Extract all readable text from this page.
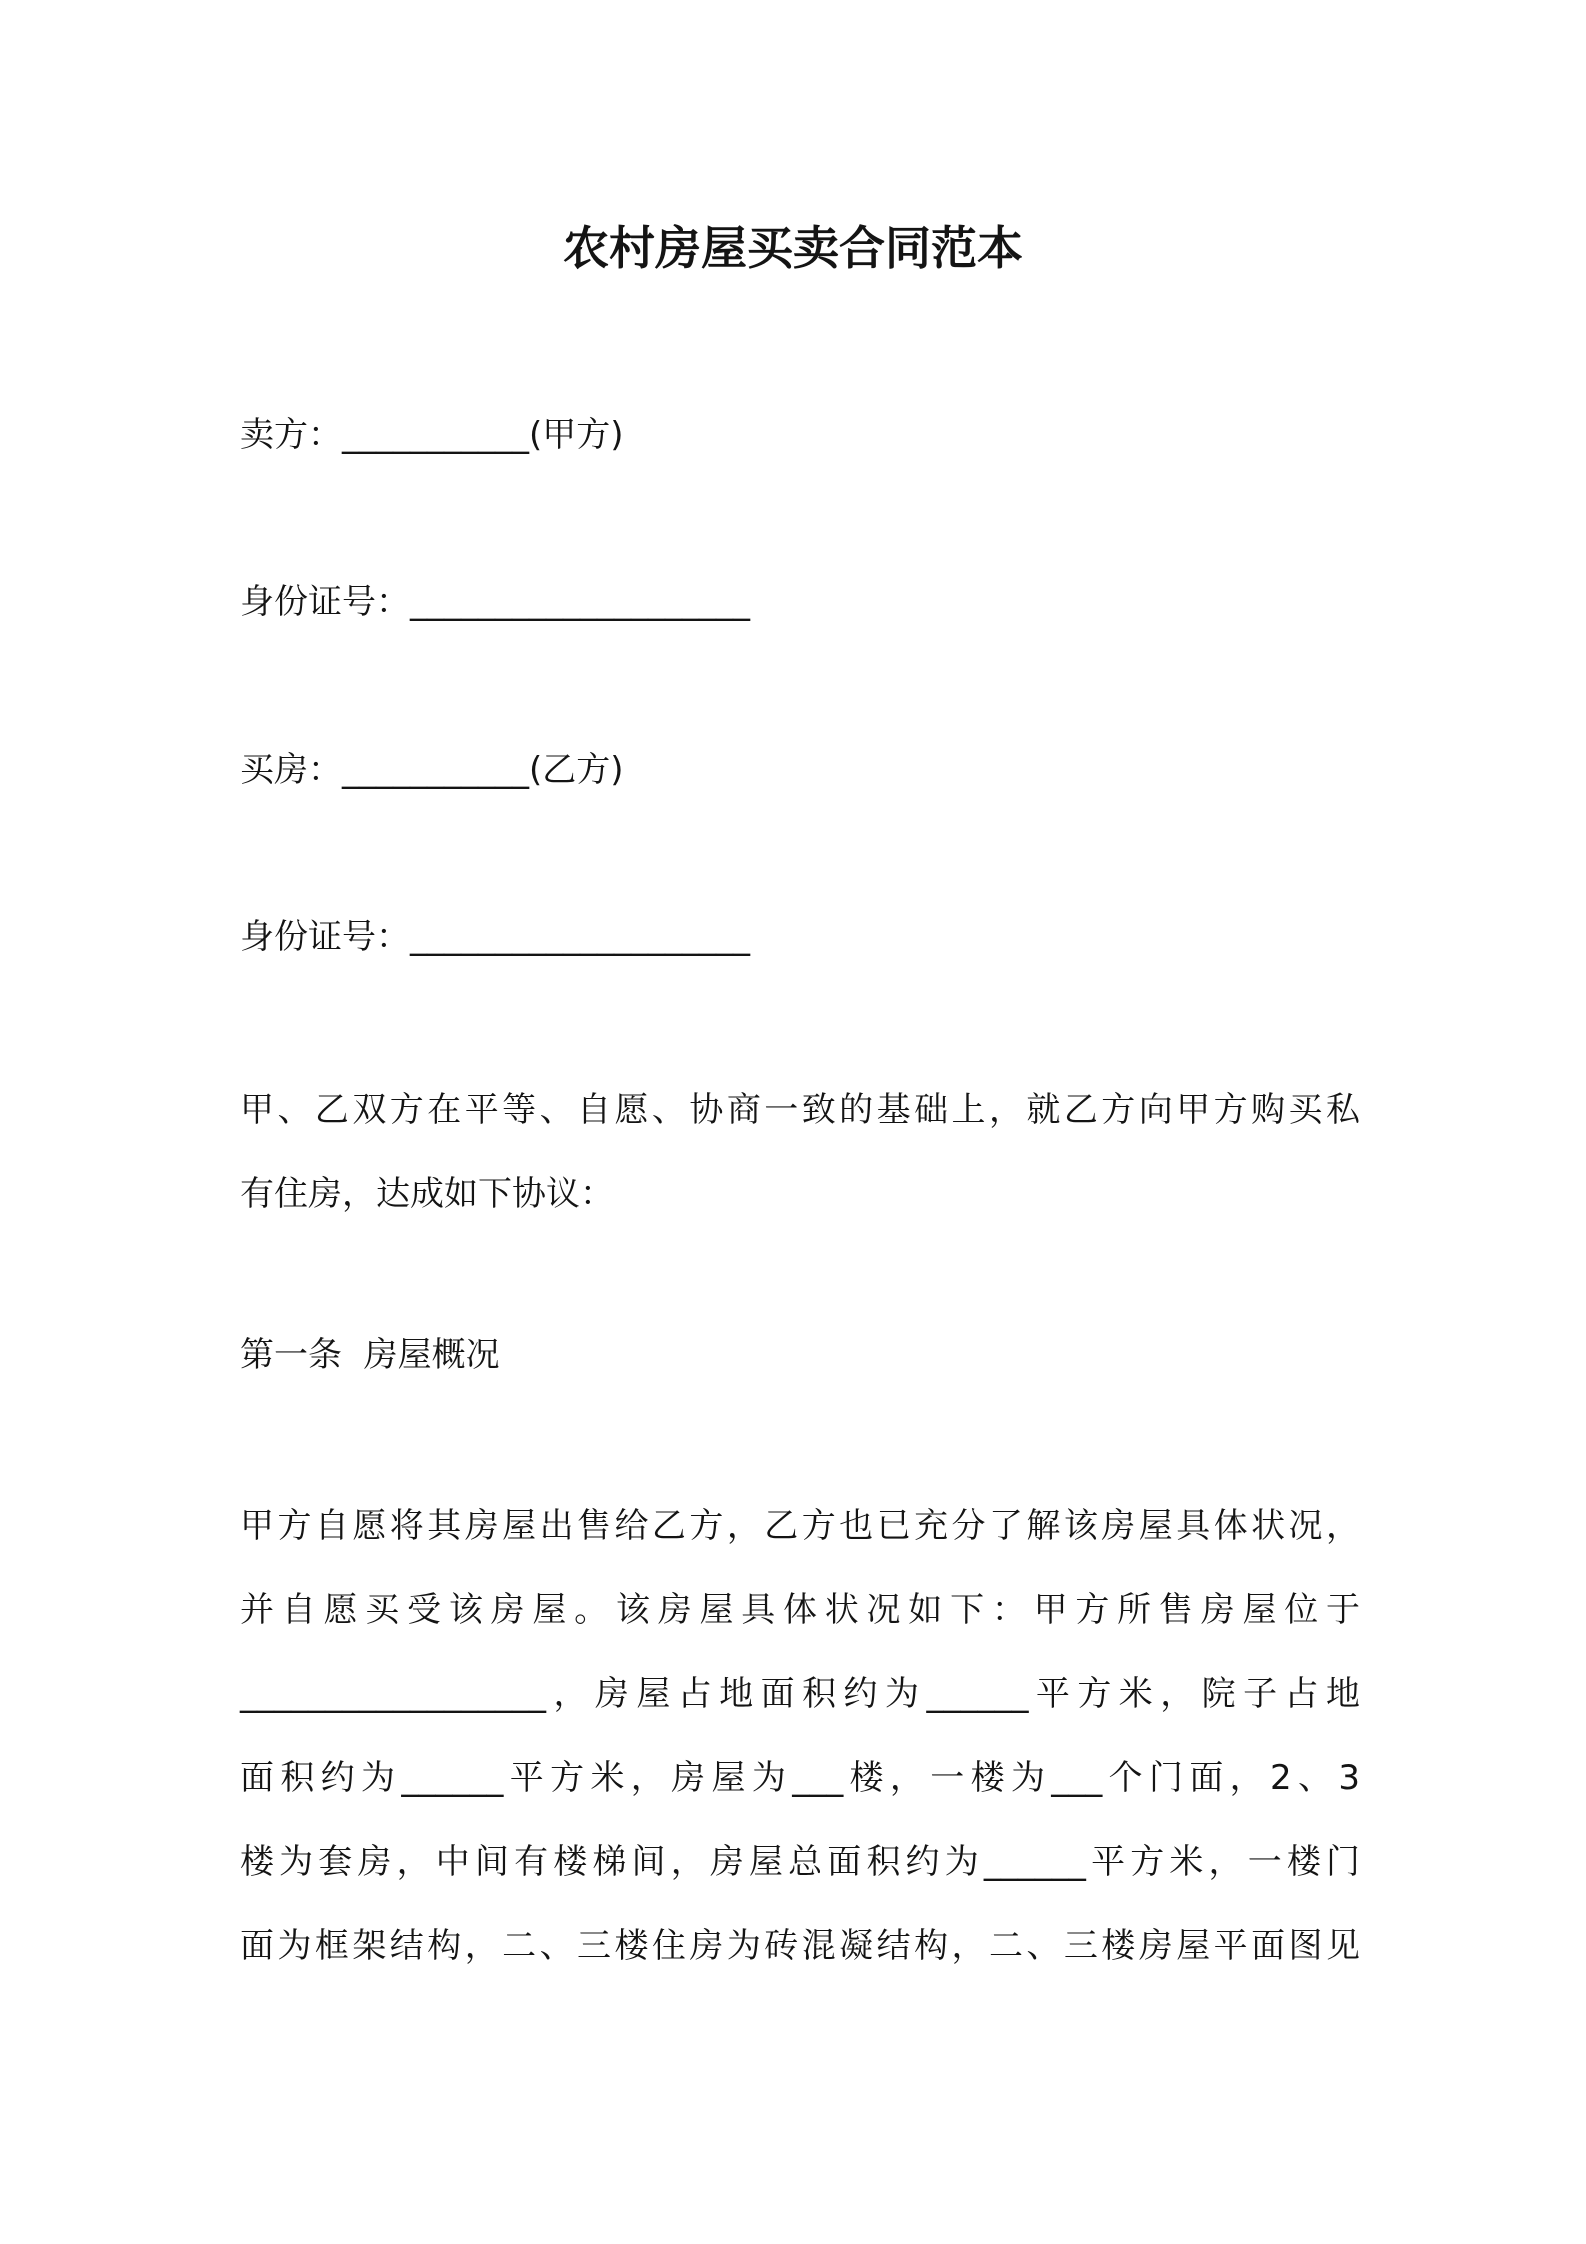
农村房屋买卖合同范本
卖方：___________(甲方)
身份证号：____________________
买房：___________(乙方)
身份证号：____________________
甲、乙双方在平等、自愿、协商一致的基础上，就乙方向甲方购买私
有住房，达成如下协议：
第一条  房屋概况
甲方自愿将其房屋出售给乙方，乙方也已充分了解该房屋具体状况，
并自愿买受该房屋。该房屋具体状况如下：甲方所售房屋位于
__________________，房屋占地面积约为______平方米，院子占地
面积约为______平方米，房屋为___楼，一楼为___个门面，2、3
楼为套房，中间有楼梯间，房屋总面积约为______平方米，一楼门
面为框架结构，二、三楼住房为砖混凝结构，二、三楼房屋平面图见
